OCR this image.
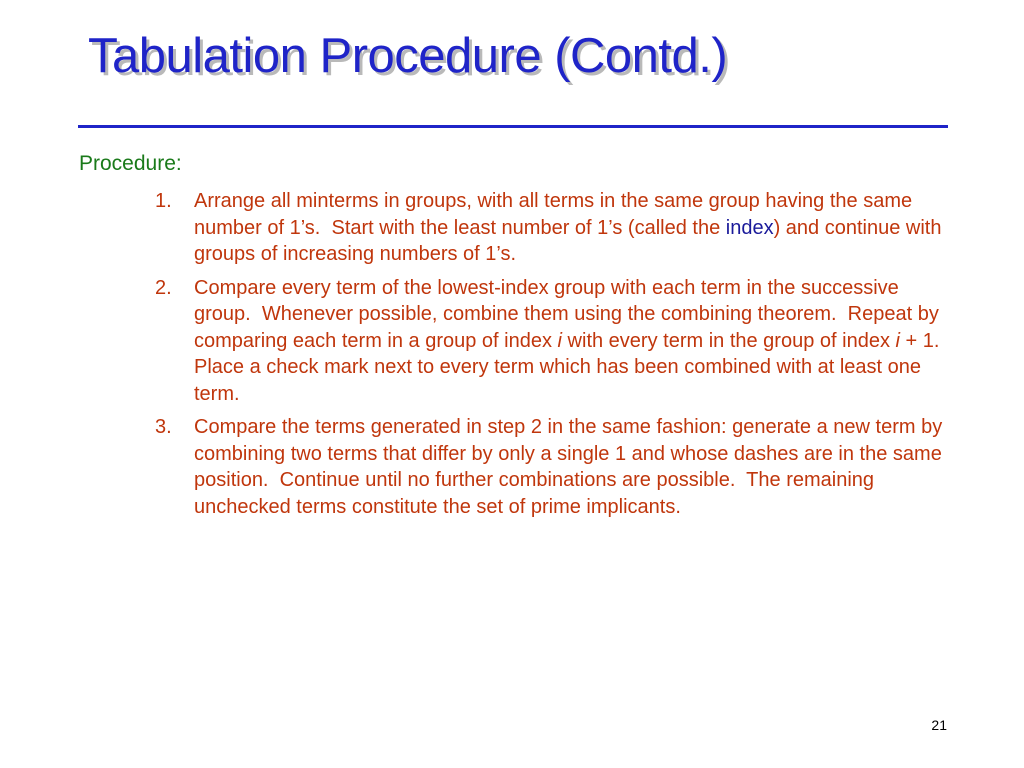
Tabulation Procedure (Contd.)
Procedure:
1. Arrange all minterms in groups, with all terms in the same group having the same number of 1’s.  Start with the least number of 1’s (called the index) and continue with groups of increasing numbers of 1’s.
2. Compare every term of the lowest-index group with each term in the successive group.  Whenever possible, combine them using the combining theorem.  Repeat by comparing each term in a group of index i with every term in the group of index i + 1.  Place a check mark next to every term which has been combined with at least one term.
3. Compare the terms generated in step 2 in the same fashion: generate a new term by combining two terms that differ by only a single 1 and whose dashes are in the same position.  Continue until no further combinations are possible.  The remaining unchecked terms constitute the set of prime implicants.
21
